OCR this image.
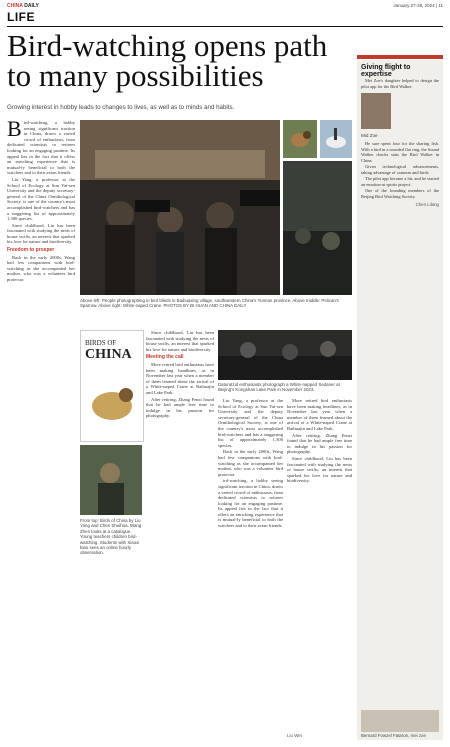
CHINA DAILY	January 27-28, 2024 | 11
LIFE
Bird-watching opens path to many possibilities
Growing interest in hobby leads to changes to lives, as well as to minds and habits.

Bird-watching, a hobby seeing significant traction in China, draws a varied crowd of enthusiasts, from dedicated scientists to retirees looking for an engaging pastime. Its appeal lies in the fact that it offers an enriching experience that is mutual-ly beneficial to both the watchers and to their avian friends.

Liu Yang, a professor at the School of Ecology at Sun Yat-sen University and the deputy secretary-general of the China Ornithological Society, is one of the country's most accomplished bird-watchers and has a staggering list of approximately 1,300 species.

Since childhood, Liu has been fascinated with studying the nests of house swifts, an interest that sparked his love for nature and biodiversity.

Freedom to prosper

Back in the early 2000s, Wang had few companions with bird-watching as she accompanied her mother, who was a volunteer bird protector.

Above left: People photographing in bird blinds in Baihuaxing village, southwestern China's Yunnan province. Above middle: Pelican's Sparrow. Above right: White-naped Crane. PHOTOS BY BI HUAN AND CHINA DAILY
BIRDS OF
CHINA
From top: Birds of China by Liu Yang and Chen Shuihua. Wang Zhen looks at a catalogue. Young teachers children bird-watching. Students with Xiaoxi biao sees an online hourly observation.

Since childhood, Liu has been fascinated with studying the nests of house swifts, an interest that sparked his love for nature and biodiversity.

Meeting the call

More retired bird enthusiasts have been making headlines, as in November last year when a member of them learned about the arrival of a White-naped Crane at Baihuajin and Lake Park.

After retiring, Zhang Fenzi found that he had ample free time to indulge in his passion for photography.

Daturatzid enthusiasts photograph a White-napped Sedaner at Beijing's Kongshan Lake Park in November 2023.

Liu Yang, a professor at the School of Ecology at Sun Yat-sen University and the deputy secretary-general of the China Ornithological Society, is one of the country's most accomplished bird-watchers and has a staggering list of approximately 1,300 species.

Back in the early 2000s, Wang had few companions with bird-watching as she accompanied her mother, who was a volunteer bird protector.

ird-watching, a hobby seeing significant traction in China, draws a varied crowd of enthusiasts, from dedicated scientists to retirees looking for an engaging pastime. Its appeal lies in the fact that it offers an enriching experience that is mutual-ly beneficial to both the watchers and to their avian friends.

More retired bird enthusiasts have been making headlines, as in November last year when a member of them learned about the arrival of a White-naped Crane at Baihuajin and Lake Park.

After retiring, Zhang Fenzi found that he had ample free time to indulge in his passion for photography.

Since childhood, Liu has been fascinated with studying the nests of house swifts, an interest that sparked his love for nature and biodiversity.

Liu Wei
Giving flight to expertise

Mei Zoe's daughter helped to design the pilot app for the Bird Walker.

Mid Zoe

He sure spent four for the sharing fish. With a bird in a rounded flat ring, the Sound Walker checks stats the Bird Walker in China.

Given technological advancements, taking advantage of cameras and birds.

The pilot app became a hit, and he started an emotion-ai spirits project.

One of the founding members of the Beijing Bird Watching Society.

Chen Lilang
Bernard Fowzel Fataron, mei zoe
